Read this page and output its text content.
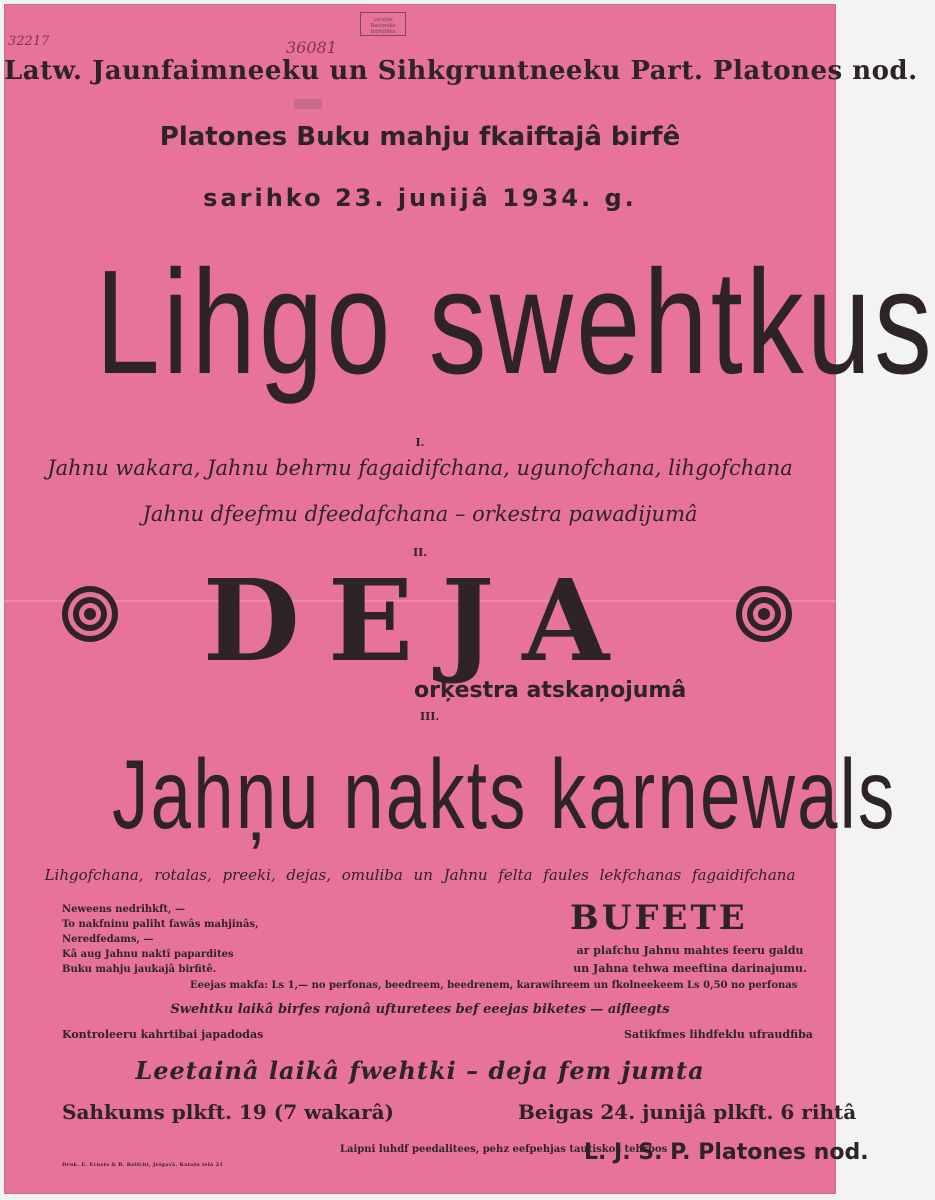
Latvijas Nacionālā bibliotēka
32217	36081
Latw. Jaunfaimneeku un Sihkgruntneeku Part. Platones nod.
Platones Buku mahju fkaiftajâ birfê
sarihko 23. junijâ 1934. g.
Lihgo swehtkus
I.
Jahnu wakara, Jahnu behrnu fagaidifchana, ugunofchana, lihgofchana
Jahnu dfeefmu dfeedafchana – orkestra pawadijumâ
II.
DEJA
orķestra atskaņojumâ
III.
Jahņu nakts karnewals
Lihgofchana, rotalas, preeki, dejas, omuliba un Jahnu felta faules lekfchanas fagaidifchana
Neweens nedrihkft, —
To nakfninu paliht fawâs mahjinâs,
Neredfedams, —
Kâ aug Jahnu naktî papardites
Buku mahju jaukajâ birfitê.
BUFETE
ar plafchu Jahnu mahtes feeru galdu un Jahna tehwa meeftina darinajumu.
Eeejas makfa: Ls 1,— no perfonas, beedreem, beedrenem, karawihreem un fkolneekeem Ls 0,50 no perfonas
Swehtku laikâ birfes rajonâ ufturetees bef eeejas biketes — aifleegts
Kontroleeru kahrtibai japadodas	Satikfmes lihdfeklu ufraudfiba
Leetainâ laikâ fwehtki – deja fem jumta
Sahkums plkft. 19 (7 wakarâ)	Beigas 24. junijâ plkft. 6 rihtâ
Laipni luhdf peedalitees, pehz eefpehjas tautiskos tehrpos
L. J. S. P. Platones nod.
Druk. E. Ernsts & R. Belfchi, Jelgavâ. Katoļu ielâ 21
